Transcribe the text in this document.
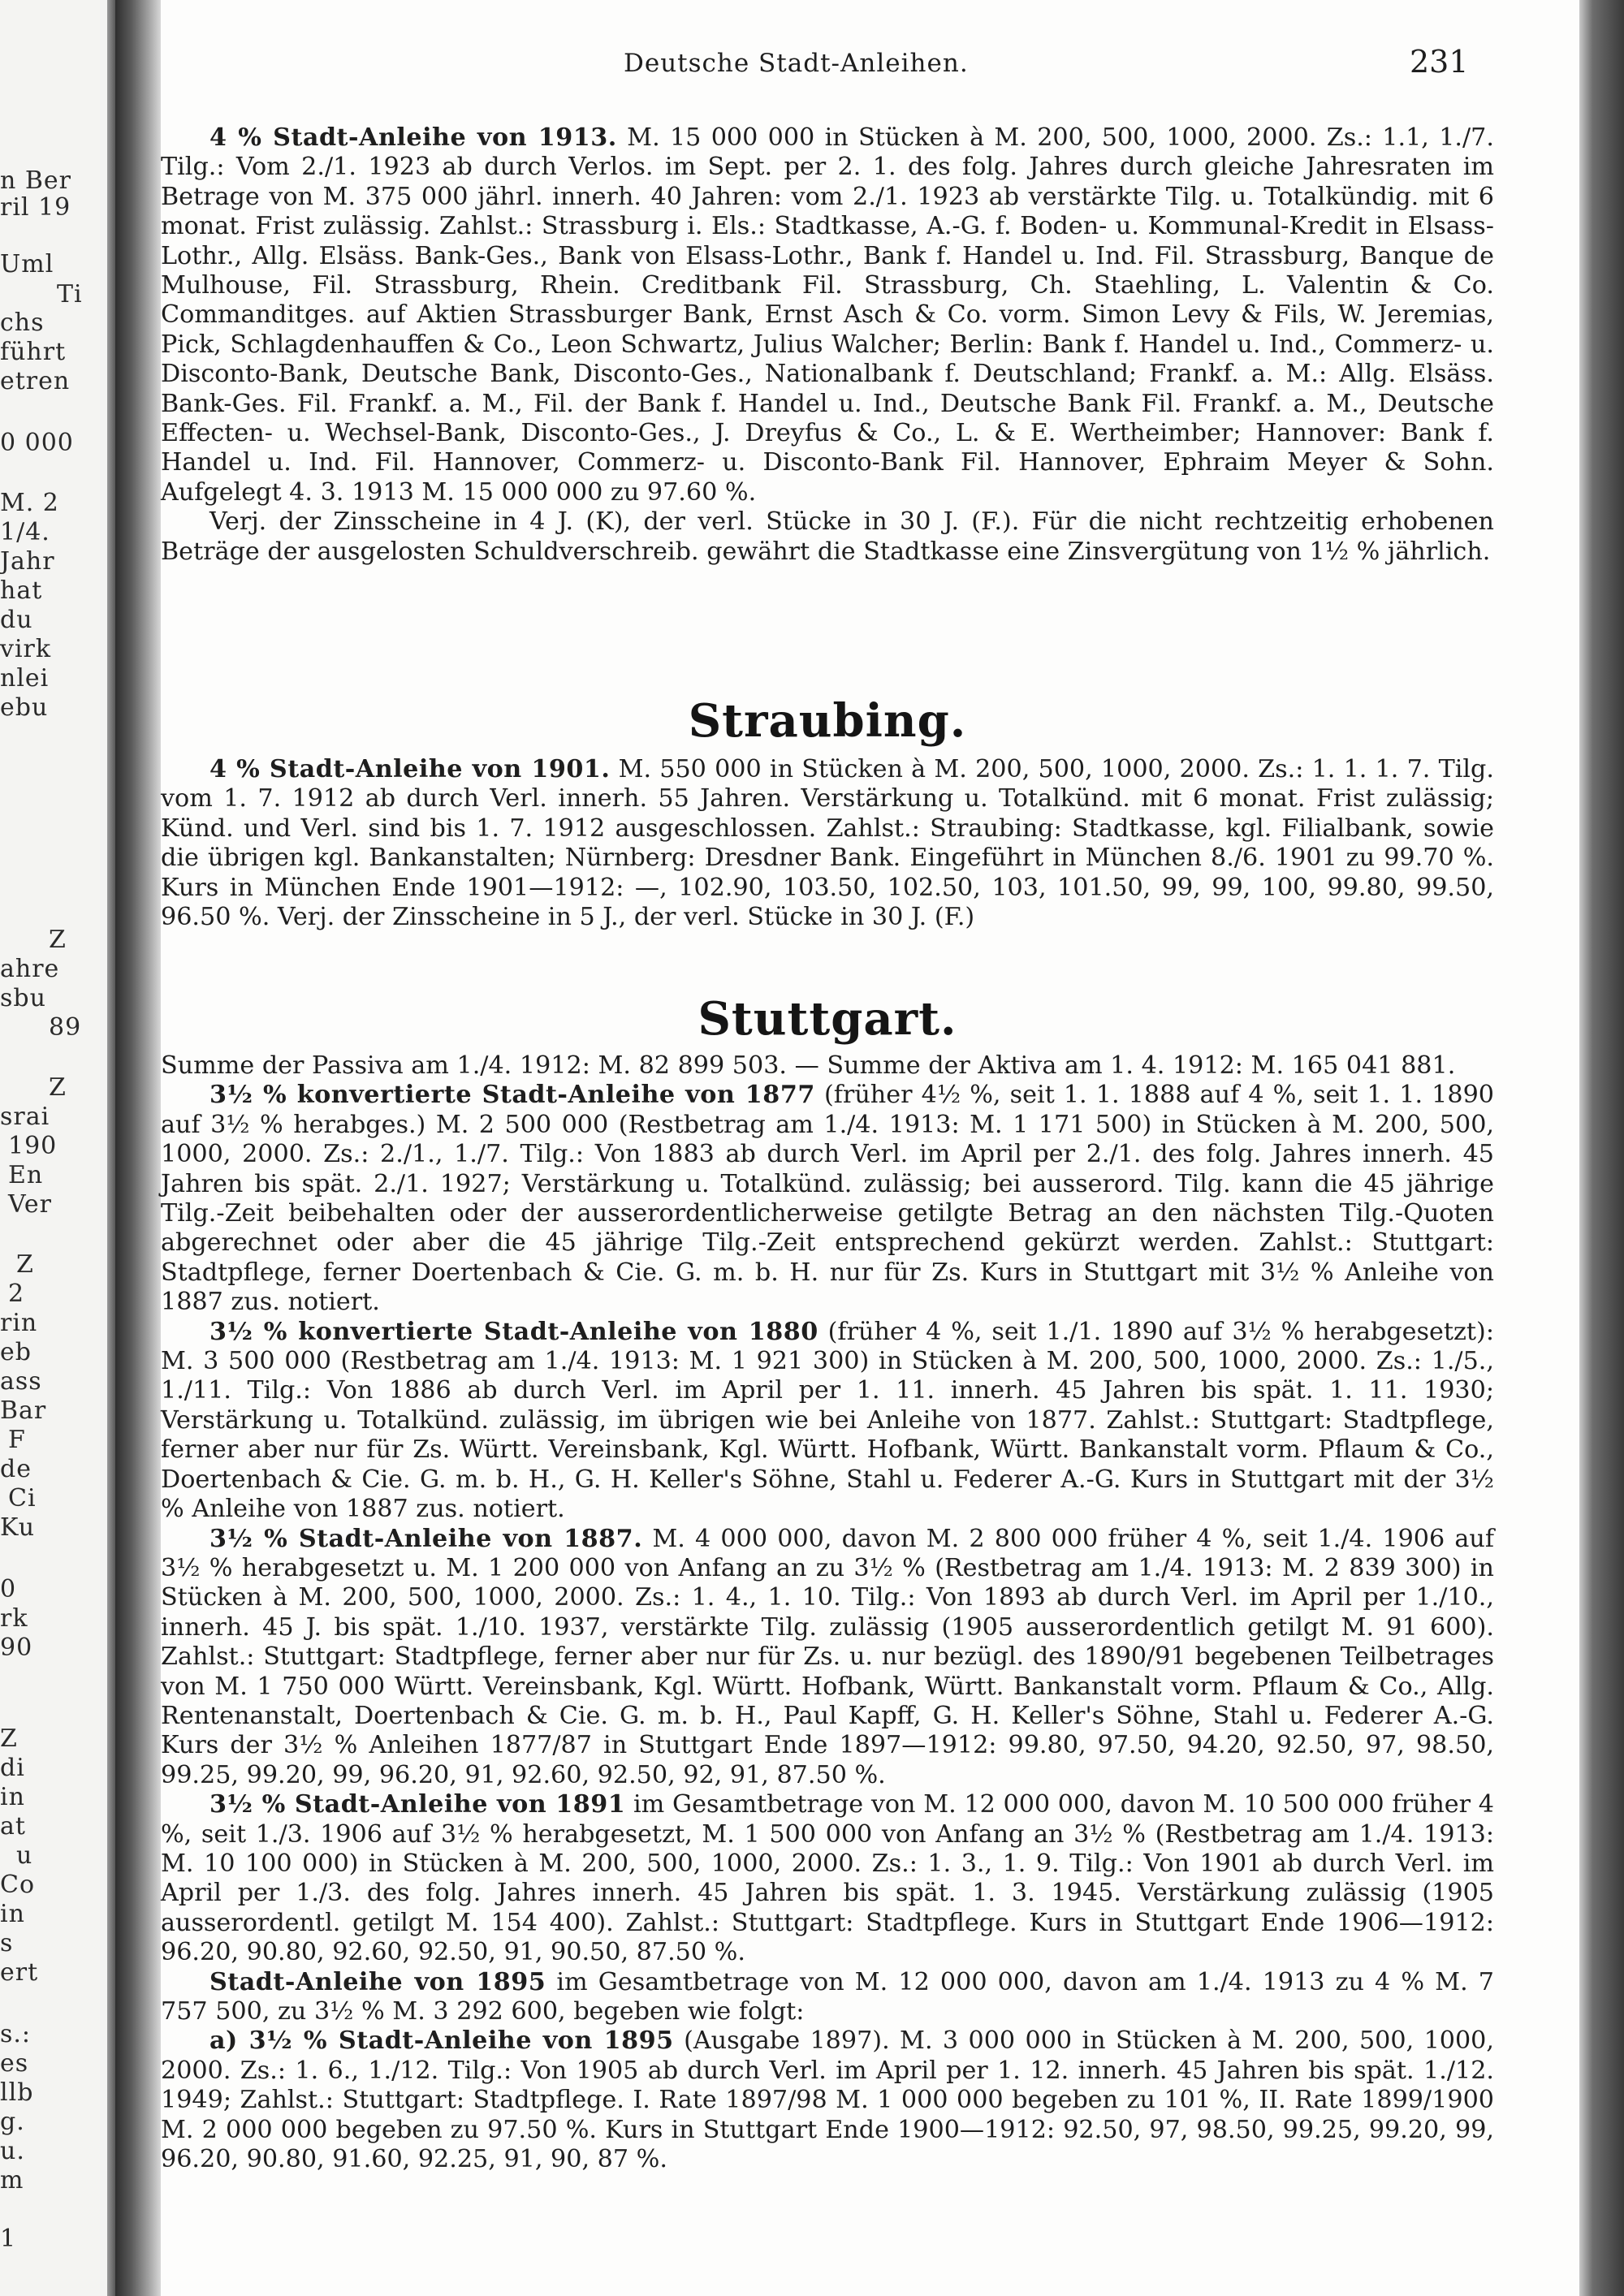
n Ber
ril 19
Uml
Ti
chs
führt
etren
0 000
M. 2
1/4.
Jahr
hat
du
virk
nlei
ebu
Z
ahre
sbu
89
Z
srai
190
En
Ver
Z
2
rin
eb
ass
Bar
F
de
Ci
Ku
0
rk
90
Z
di
in
at
u
Co
in
s
ert
s.:
es
llb
g.
u.
m
1
Deutsche Stadt-Anleihen.	231

4 % Stadt-Anleihe von 1913. M. 15 000 000 in Stücken à M. 200, 500, 1000, 2000. Zs.: 1.1, 1./7. Tilg.: Vom 2./1. 1923 ab durch Verlos. im Sept. per 2. 1. des folg. Jahres durch gleiche Jahresraten im Betrage von M. 375 000 jährl. innerh. 40 Jahren: vom 2./1. 1923 ab verstärkte Tilg. u. Totalkündig. mit 6 monat. Frist zulässig. Zahlst.: Strassburg i. Els.: Stadtkasse, A.-G. f. Boden- u. Kommunal-Kredit in Elsass-Lothr., Allg. Elsäss. Bank-Ges., Bank von Elsass-Lothr., Bank f. Handel u. Ind. Fil. Strassburg, Banque de Mulhouse, Fil. Strassburg, Rhein. Creditbank Fil. Strassburg, Ch. Staehling, L. Valentin & Co. Commanditges. auf Aktien Strassburger Bank, Ernst Asch & Co. vorm. Simon Levy & Fils, W. Jeremias, Pick, Schlagdenhauffen & Co., Leon Schwartz, Julius Walcher; Berlin: Bank f. Handel u. Ind., Commerz- u. Disconto-Bank, Deutsche Bank, Disconto-Ges., Nationalbank f. Deutschland; Frankf. a. M.: Allg. Elsäss. Bank-Ges. Fil. Frankf. a. M., Fil. der Bank f. Handel u. Ind., Deutsche Bank Fil. Frankf. a. M., Deutsche Effecten- u. Wechsel-Bank, Disconto-Ges., J. Dreyfus & Co., L. & E. Wertheimber; Hannover: Bank f. Handel u. Ind. Fil. Hannover, Commerz- u. Disconto-Bank Fil. Hannover, Ephraim Meyer & Sohn. Aufgelegt 4. 3. 1913 M. 15 000 000 zu 97.60 %.

Verj. der Zinsscheine in 4 J. (K), der verl. Stücke in 30 J. (F.). Für die nicht rechtzeitig erhobenen Beträge der ausgelosten Schuldverschreib. gewährt die Stadtkasse eine Zinsvergütung von 1½ % jährlich.

Straubing.

4 % Stadt-Anleihe von 1901. M. 550 000 in Stücken à M. 200, 500, 1000, 2000. Zs.: 1. 1. 1. 7. Tilg. vom 1. 7. 1912 ab durch Verl. innerh. 55 Jahren. Verstärkung u. Totalkünd. mit 6 monat. Frist zulässig; Künd. und Verl. sind bis 1. 7. 1912 ausgeschlossen. Zahlst.: Straubing: Stadtkasse, kgl. Filialbank, sowie die übrigen kgl. Bankanstalten; Nürnberg: Dresdner Bank. Eingeführt in München 8./6. 1901 zu 99.70 %. Kurs in München Ende 1901—1912: —, 102.90, 103.50, 102.50, 103, 101.50, 99, 99, 100, 99.80, 99.50, 96.50 %. Verj. der Zinsscheine in 5 J., der verl. Stücke in 30 J. (F.)

Stuttgart.

Summe der Passiva am 1./4. 1912: M. 82 899 503. — Summe der Aktiva am 1. 4. 1912: M. 165 041 881.

3½ % konvertierte Stadt-Anleihe von 1877 (früher 4½ %, seit 1. 1. 1888 auf 4 %, seit 1. 1. 1890 auf 3½ % herabges.) M. 2 500 000 (Restbetrag am 1./4. 1913: M. 1 171 500) in Stücken à M. 200, 500, 1000, 2000. Zs.: 2./1., 1./7. Tilg.: Von 1883 ab durch Verl. im April per 2./1. des folg. Jahres innerh. 45 Jahren bis spät. 2./1. 1927; Verstärkung u. Totalkünd. zulässig; bei ausserord. Tilg. kann die 45 jährige Tilg.-Zeit beibehalten oder der ausserordentlicherweise getilgte Betrag an den nächsten Tilg.-Quoten abgerechnet oder aber die 45 jährige Tilg.-Zeit entsprechend gekürzt werden. Zahlst.: Stuttgart: Stadtpflege, ferner Doertenbach & Cie. G. m. b. H. nur für Zs. Kurs in Stuttgart mit 3½ % Anleihe von 1887 zus. notiert.

3½ % konvertierte Stadt-Anleihe von 1880 (früher 4 %, seit 1./1. 1890 auf 3½ % herabgesetzt): M. 3 500 000 (Restbetrag am 1./4. 1913: M. 1 921 300) in Stücken à M. 200, 500, 1000, 2000. Zs.: 1./5., 1./11. Tilg.: Von 1886 ab durch Verl. im April per 1. 11. innerh. 45 Jahren bis spät. 1. 11. 1930; Verstärkung u. Totalkünd. zulässig, im übrigen wie bei Anleihe von 1877. Zahlst.: Stuttgart: Stadtpflege, ferner aber nur für Zs. Württ. Vereinsbank, Kgl. Württ. Hofbank, Württ. Bankanstalt vorm. Pflaum & Co., Doertenbach & Cie. G. m. b. H., G. H. Keller's Söhne, Stahl u. Federer A.-G. Kurs in Stuttgart mit der 3½ % Anleihe von 1887 zus. notiert.

3½ % Stadt-Anleihe von 1887. M. 4 000 000, davon M. 2 800 000 früher 4 %, seit 1./4. 1906 auf 3½ % herabgesetzt u. M. 1 200 000 von Anfang an zu 3½ % (Restbetrag am 1./4. 1913: M. 2 839 300) in Stücken à M. 200, 500, 1000, 2000. Zs.: 1. 4., 1. 10. Tilg.: Von 1893 ab durch Verl. im April per 1./10., innerh. 45 J. bis spät. 1./10. 1937, verstärkte Tilg. zulässig (1905 ausserordentlich getilgt M. 91 600). Zahlst.: Stuttgart: Stadtpflege, ferner aber nur für Zs. u. nur bezügl. des 1890/91 begebenen Teilbetrages von M. 1 750 000 Württ. Vereinsbank, Kgl. Württ. Hofbank, Württ. Bankanstalt vorm. Pflaum & Co., Allg. Rentenanstalt, Doertenbach & Cie. G. m. b. H., Paul Kapff, G. H. Keller's Söhne, Stahl u. Federer A.-G. Kurs der 3½ % Anleihen 1877/87 in Stuttgart Ende 1897—1912: 99.80, 97.50, 94.20, 92.50, 97, 98.50, 99.25, 99.20, 99, 96.20, 91, 92.60, 92.50, 92, 91, 87.50 %.

3½ % Stadt-Anleihe von 1891 im Gesamtbetrage von M. 12 000 000, davon M. 10 500 000 früher 4 %, seit 1./3. 1906 auf 3½ % herabgesetzt, M. 1 500 000 von Anfang an 3½ % (Restbetrag am 1./4. 1913: M. 10 100 000) in Stücken à M. 200, 500, 1000, 2000. Zs.: 1. 3., 1. 9. Tilg.: Von 1901 ab durch Verl. im April per 1./3. des folg. Jahres innerh. 45 Jahren bis spät. 1. 3. 1945. Verstärkung zulässig (1905 ausserordentl. getilgt M. 154 400). Zahlst.: Stuttgart: Stadtpflege. Kurs in Stuttgart Ende 1906—1912: 96.20, 90.80, 92.60, 92.50, 91, 90.50, 87.50 %.

Stadt-Anleihe von 1895 im Gesamtbetrage von M. 12 000 000, davon am 1./4. 1913 zu 4 % M. 7 757 500, zu 3½ % M. 3 292 600, begeben wie folgt:

a) 3½ % Stadt-Anleihe von 1895 (Ausgabe 1897). M. 3 000 000 in Stücken à M. 200, 500, 1000, 2000. Zs.: 1. 6., 1./12. Tilg.: Von 1905 ab durch Verl. im April per 1. 12. innerh. 45 Jahren bis spät. 1./12. 1949; Zahlst.: Stuttgart: Stadtpflege. I. Rate 1897/98 M. 1 000 000 begeben zu 101 %, II. Rate 1899/1900 M. 2 000 000 begeben zu 97.50 %. Kurs in Stuttgart Ende 1900—1912: 92.50, 97, 98.50, 99.25, 99.20, 99, 96.20, 90.80, 91.60, 92.25, 91, 90, 87 %.
